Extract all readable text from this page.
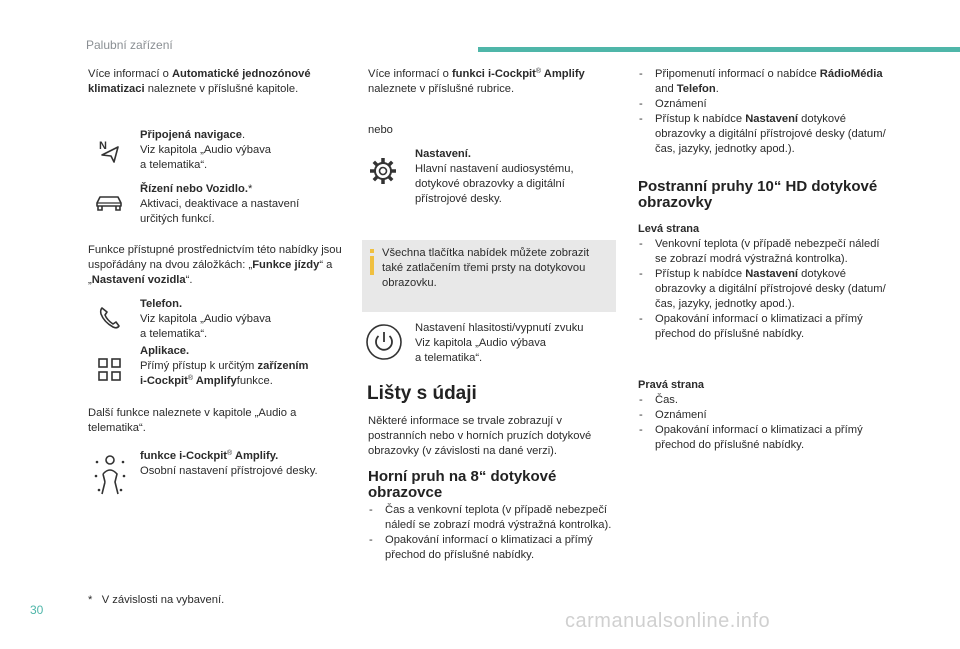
Palubní zařízení
Více informací o Automatické jednozónové klimatizaci naleznete v příslušné kapitole.
N
Připojená navigace.
Viz kapitola „Audio výbava
a telematika“.
Řízení nebo Vozidlo.*
Aktivaci, deaktivace a nastavení
určitých funkcí.
Funkce přístupné prostřednictvím této nabídky jsou uspořádány na dvou záložkách: „Funkce jízdy“ a „Nastavení vozidla“.
Telefon.
Viz kapitola „Audio výbava
a telematika“.
Aplikace.
Přímý přístup k určitým zařízením
i-Cockpit® Amplifyfunkce.
Další funkce naleznete v kapitole „Audio a telematika“.
funkce i-Cockpit® Amplify.
Osobní nastavení přístrojové desky.
* V závislosti na vybavení.
Více informací o funkci i-Cockpit® Amplify
naleznete v příslušné rubrice.
nebo
Nastavení.
Hlavní nastavení audiosystému, dotykové obrazovky a digitální přístrojové desky.
Všechna tlačítka nabídek můžete zobrazit také zatlačením třemi prsty na dotykovou obrazovku.
Nastavení hlasitosti/vypnutí zvuku
Viz kapitola „Audio výbava
a telematika“.
Lišty s údaji
Některé informace se trvale zobrazují v postranních nebo v horních pruzích dotykové obrazovky (v závislosti na dané verzi).
Horní pruh na 8“ dotykové obrazovce
- Čas a venkovní teplota (v případě nebezpečí náledí se zobrazí modrá výstražná kontrolka).
- Opakování informací o klimatizaci a přímý přechod do příslušné nabídky.
- Připomenutí informací o nabídce RádioMédia and Telefon.
- Oznámení
- Přístup k nabídce Nastavení dotykové obrazovky a digitální přístrojové desky (datum/čas, jazyky, jednotky apod.).
Postranní pruhy 10“ HD dotykové obrazovky
Levá strana
- Venkovní teplota (v případě nebezpečí náledí se zobrazí modrá výstražná kontrolka).
- Přístup k nabídce Nastavení dotykové obrazovky a digitální přístrojové desky (datum/čas, jazyky, jednotky apod.).
- Opakování informací o klimatizaci a přímý přechod do příslušné nabídky.
Pravá strana
- Čas.
- Oznámení
- Opakování informací o klimatizaci a přímý přechod do příslušné nabídky.
30	carmanualsonline.info
